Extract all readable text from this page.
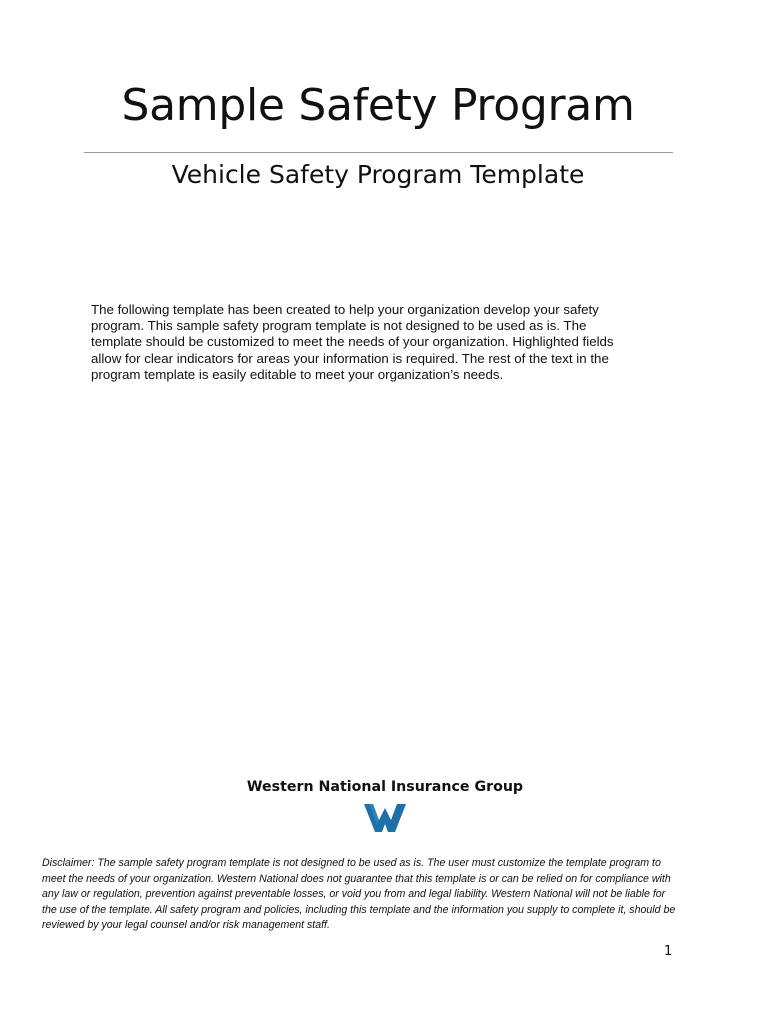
Sample Safety Program
Vehicle Safety Program Template

The following template has been created to help your organization develop your safety
program. This sample safety program template is not designed to be used as is. The
template should be customized to meet the needs of your organization. Highlighted fields
allow for clear indicators for areas your information is required. The rest of the text in the
program template is easily editable to meet your organization’s needs.

Western National Insurance Group

Disclaimer: The sample safety program template is not designed to be used as is. The user must customize the template program to
meet the needs of your organization. Western National does not guarantee that this template is or can be relied on for compliance with
any law or regulation, prevention against preventable losses, or void you from and legal liability. Western National will not be liable for
the use of the template. All safety program and policies, including this template and the information you supply to complete it, should be
reviewed by your legal counsel and/or risk management staff.

1
